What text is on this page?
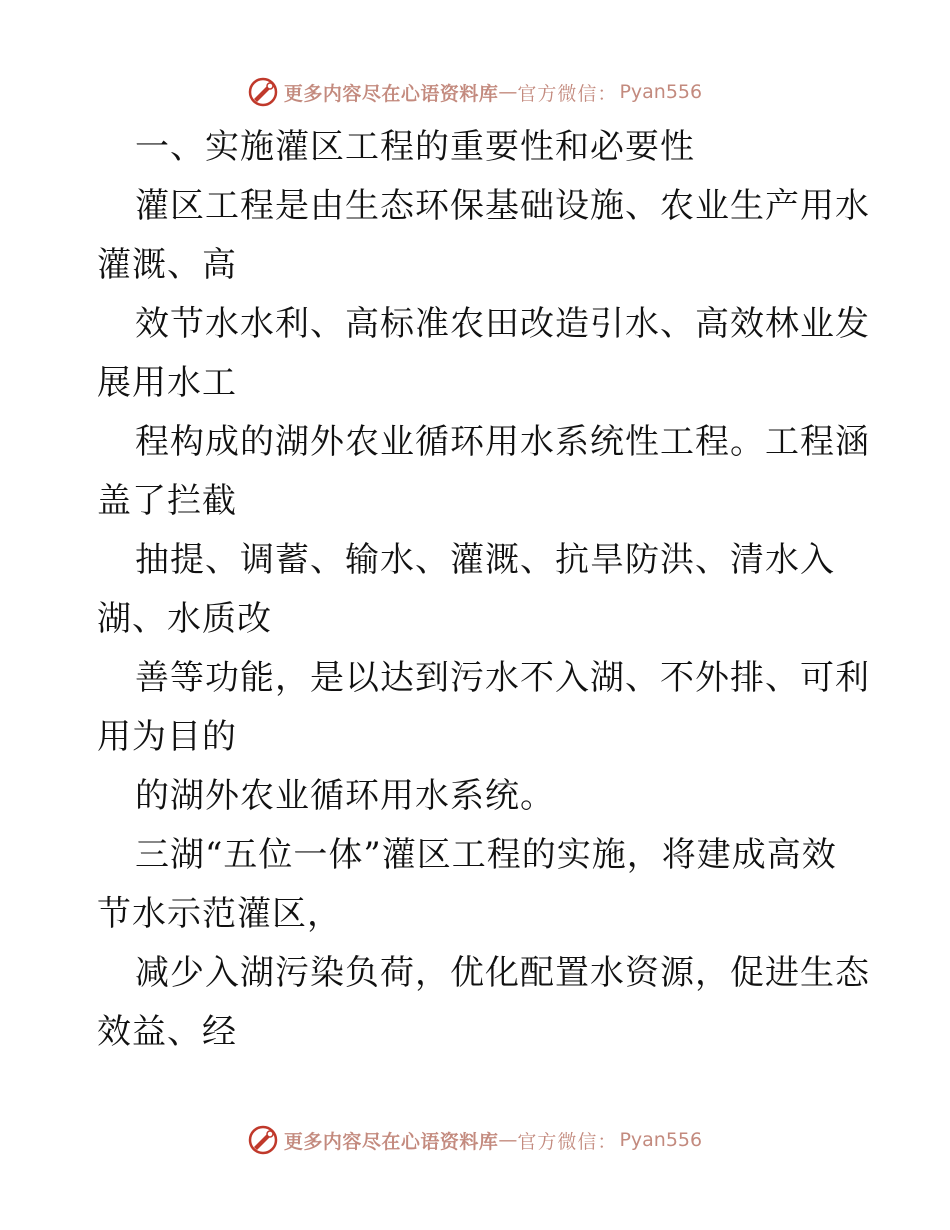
更多内容尽在心语资料库 — 官方微信： Pyan556
一、实施灌区工程的重要性和必要性
灌区工程是由生态环保基础设施、农业生产用水
灌溉、高
效节水水利、高标准农田改造引水、高效林业发
展用水工
程构成的湖外农业循环用水系统性工程。工程涵
盖了拦截
抽提、调蓄、输水、灌溉、抗旱防洪、清水入
湖、水质改
善等功能，是以达到污水不入湖、不外排、可利
用为目的
的湖外农业循环用水系统。
三湖“五位一体”灌区工程的实施，将建成高效
节水示范灌区，
减少入湖污染负荷，优化配置水资源，促进生态
效益、经
更多内容尽在心语资料库 — 官方微信： Pyan556
